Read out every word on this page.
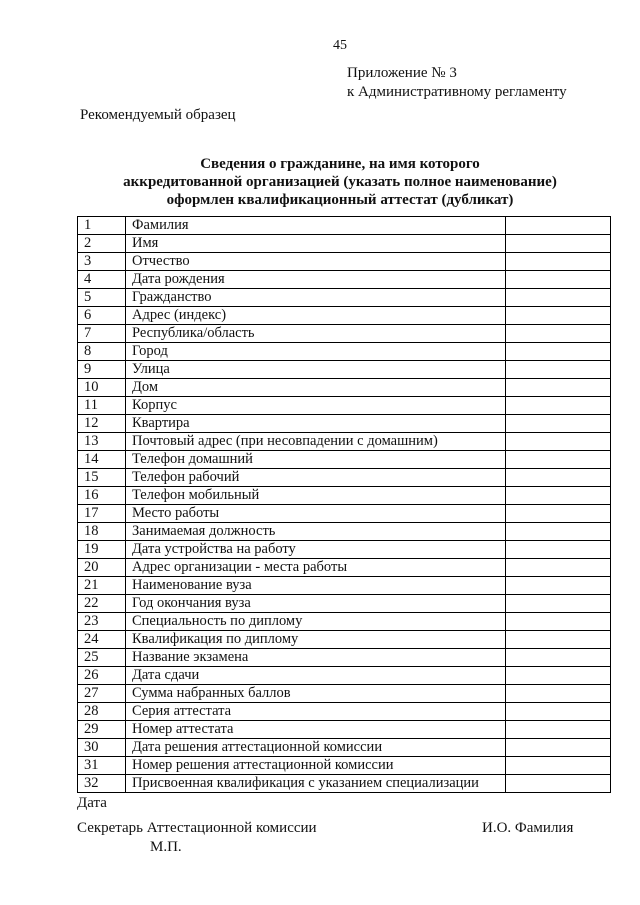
45
Приложение № 3
к Административному регламенту
Рекомендуемый образец
Сведения о гражданине, на имя которого
аккредитованной организацией (указать полное наименование)
оформлен квалификационный аттестат (дубликат)
1	Фамилия	
2	Имя	
3	Отчество	
4	Дата рождения	
5	Гражданство	
6	Адрес (индекс)	
7	Республика/область	
8	Город	
9	Улица	
10	Дом	
11	Корпус	
12	Квартира	
13	Почтовый адрес (при несовпадении с домашним)	
14	Телефон домашний	
15	Телефон рабочий	
16	Телефон мобильный	
17	Место работы	
18	Занимаемая должность	
19	Дата устройства на работу	
20	Адрес организации - места работы	
21	Наименование вуза	
22	Год окончания вуза	
23	Специальность по диплому	
24	Квалификация по диплому	
25	Название экзамена	
26	Дата сдачи	
27	Сумма набранных баллов	
28	Серия аттестата	
29	Номер аттестата	
30	Дата решения аттестационной комиссии	
31	Номер решения аттестационной комиссии	
32	Присвоенная квалификация с указанием специализации	
Дата
Секретарь Аттестационной комиссии	И.О. Фамилия
М.П.
